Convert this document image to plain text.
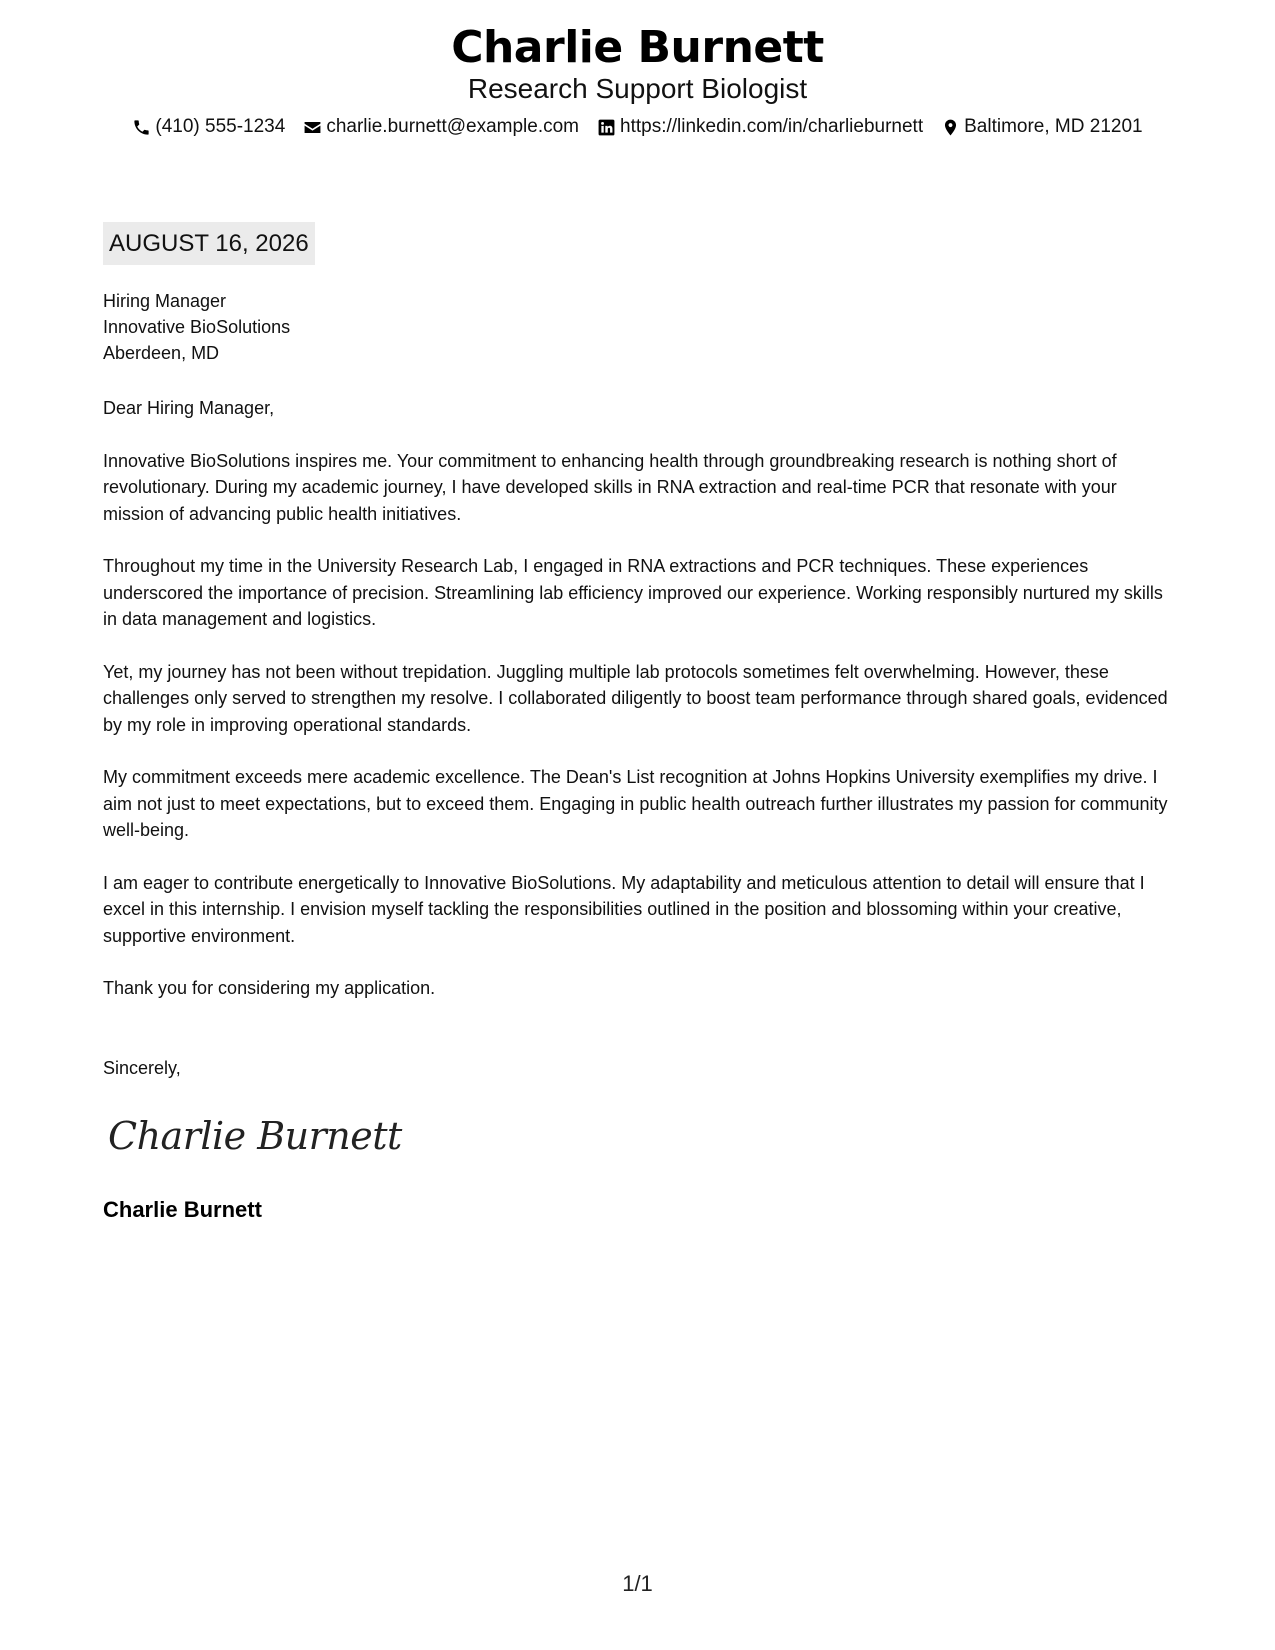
Charlie Burnett
Research Support Biologist
(410) 555-1234 charlie.burnett@example.com https://linkedin.com/in/charlieburnett Baltimore, MD 21201
AUGUST 16, 2026
Hiring Manager
Innovative BioSolutions
Aberdeen, MD

Dear Hiring Manager,

Innovative BioSolutions inspires me. Your commitment to enhancing health through groundbreaking research is nothing short of revolutionary. During my academic journey, I have developed skills in RNA extraction and real-time PCR that resonate with your mission of advancing public health initiatives.

Throughout my time in the University Research Lab, I engaged in RNA extractions and PCR techniques. These experiences underscored the importance of precision. Streamlining lab efficiency improved our experience. Working responsibly nurtured my skills in data management and logistics.

Yet, my journey has not been without trepidation. Juggling multiple lab protocols sometimes felt overwhelming. However, these challenges only served to strengthen my resolve. I collaborated diligently to boost team performance through shared goals, evidenced by my role in improving operational standards.

My commitment exceeds mere academic excellence. The Dean's List recognition at Johns Hopkins University exemplifies my drive. I aim not just to meet expectations, but to exceed them. Engaging in public health outreach further illustrates my passion for community well-being.

I am eager to contribute energetically to Innovative BioSolutions. My adaptability and meticulous attention to detail will ensure that I excel in this internship. I envision myself tackling the responsibilities outlined in the position and blossoming within your creative, supportive environment.

Thank you for considering my application.

Sincerely,
Charlie Burnett
Charlie Burnett
1/1
